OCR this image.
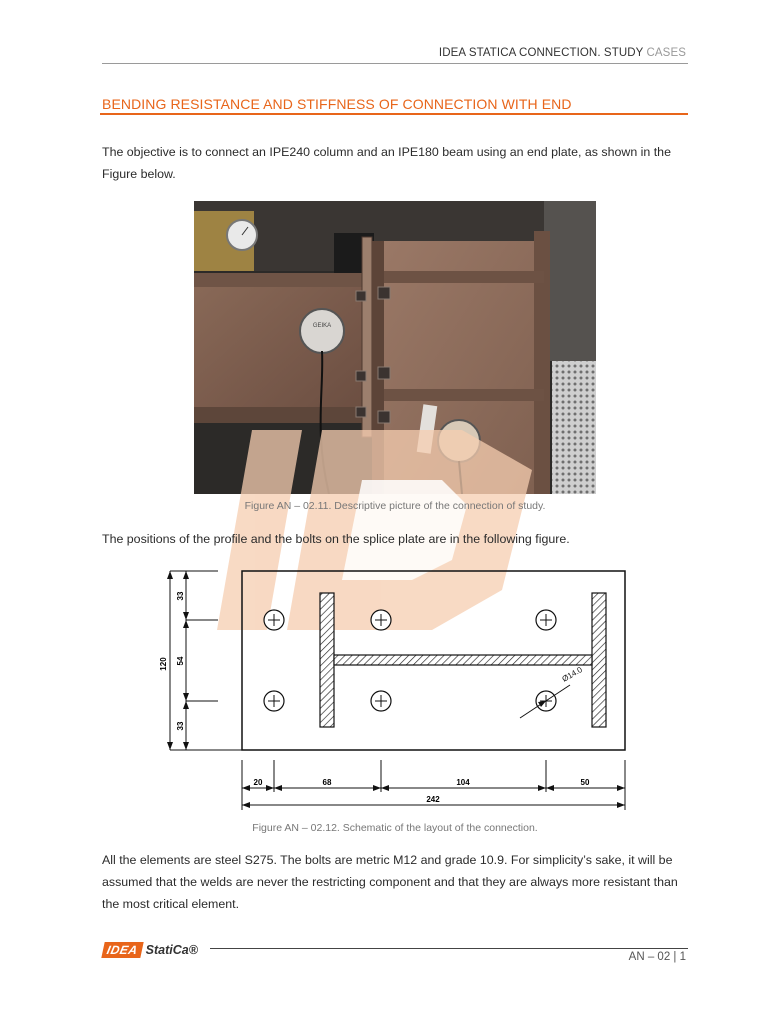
IDEA STATICA CONNECTION. STUDY CASES
BENDING RESISTANCE AND STIFFNESS OF CONNECTION WITH END
The objective is to connect an IPE240 column and an IPE180 beam using an end plate, as shown in the Figure below.
GEIKA
Figure AN – 02.11. Descriptive picture of the connection of study.
The positions of the profile and the bolts on the splice plate are in the following figure.
Ø14.0
120
33
54
33
20	68	104	50
242
Figure AN – 02.12. Schematic of the layout of the connection.
All the elements are steel S275. The bolts are metric M12 and grade 10.9. For simplicity’s sake, it will be assumed that the welds are never the restricting component and that they are always more resistant than the most critical element.
IDEA StatiCa®	AN – 02 | 1
